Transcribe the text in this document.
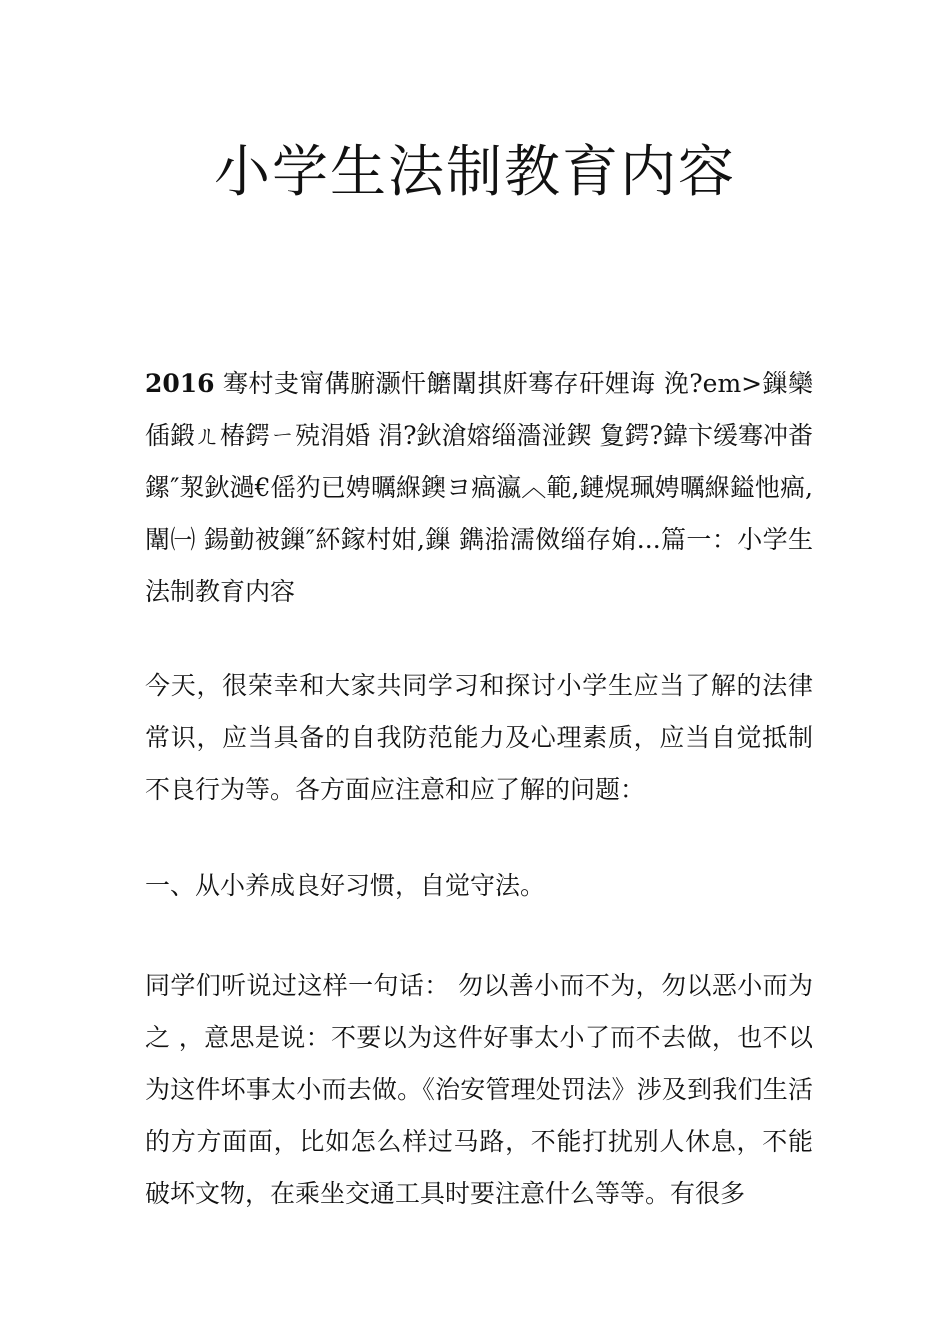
小学生法制教育内容

2016 骞村叏甯傋腑灏忓饝闈掑皯骞存矸娌诲 浼?em>鏁欒偛鍛ㄦ椿鍔ㄧ殑涓婚 涓?鈥滄嫆缁濇湴鍥 夐鍔?鍏卞缓骞冲畨鏍″洯鈥濄€傜犳已娉曞緥鐭ヨ瘑瀛︿範,鏈熀珮娉曞緥鎰忚瘑,闈㈠ 鍚勭被鏁″紑鎵村姏,鏁 鐫湁濡傚缁存姢...篇一：小学生法制教育内容

今天，很荣幸和大家共同学习和探讨小学生应当了解的法律常识，应当具备的自我防范能力及心理素质，应当自觉抵制不良行为等。各方面应注意和应了解的问题：

一、从小养成良好习惯，自觉守法。

同学们听说过这样一句话： 勿以善小而不为，勿以恶小而为之 ，意思是说：不要以为这件好事太小了而不去做，也不以为这件坏事太小而去做。《治安管理处罚法》涉及到我们生活的方方面面，比如怎么样过马路，不能打扰别人休息，不能破坏文物，在乘坐交通工具时要注意什么等等。有很多
